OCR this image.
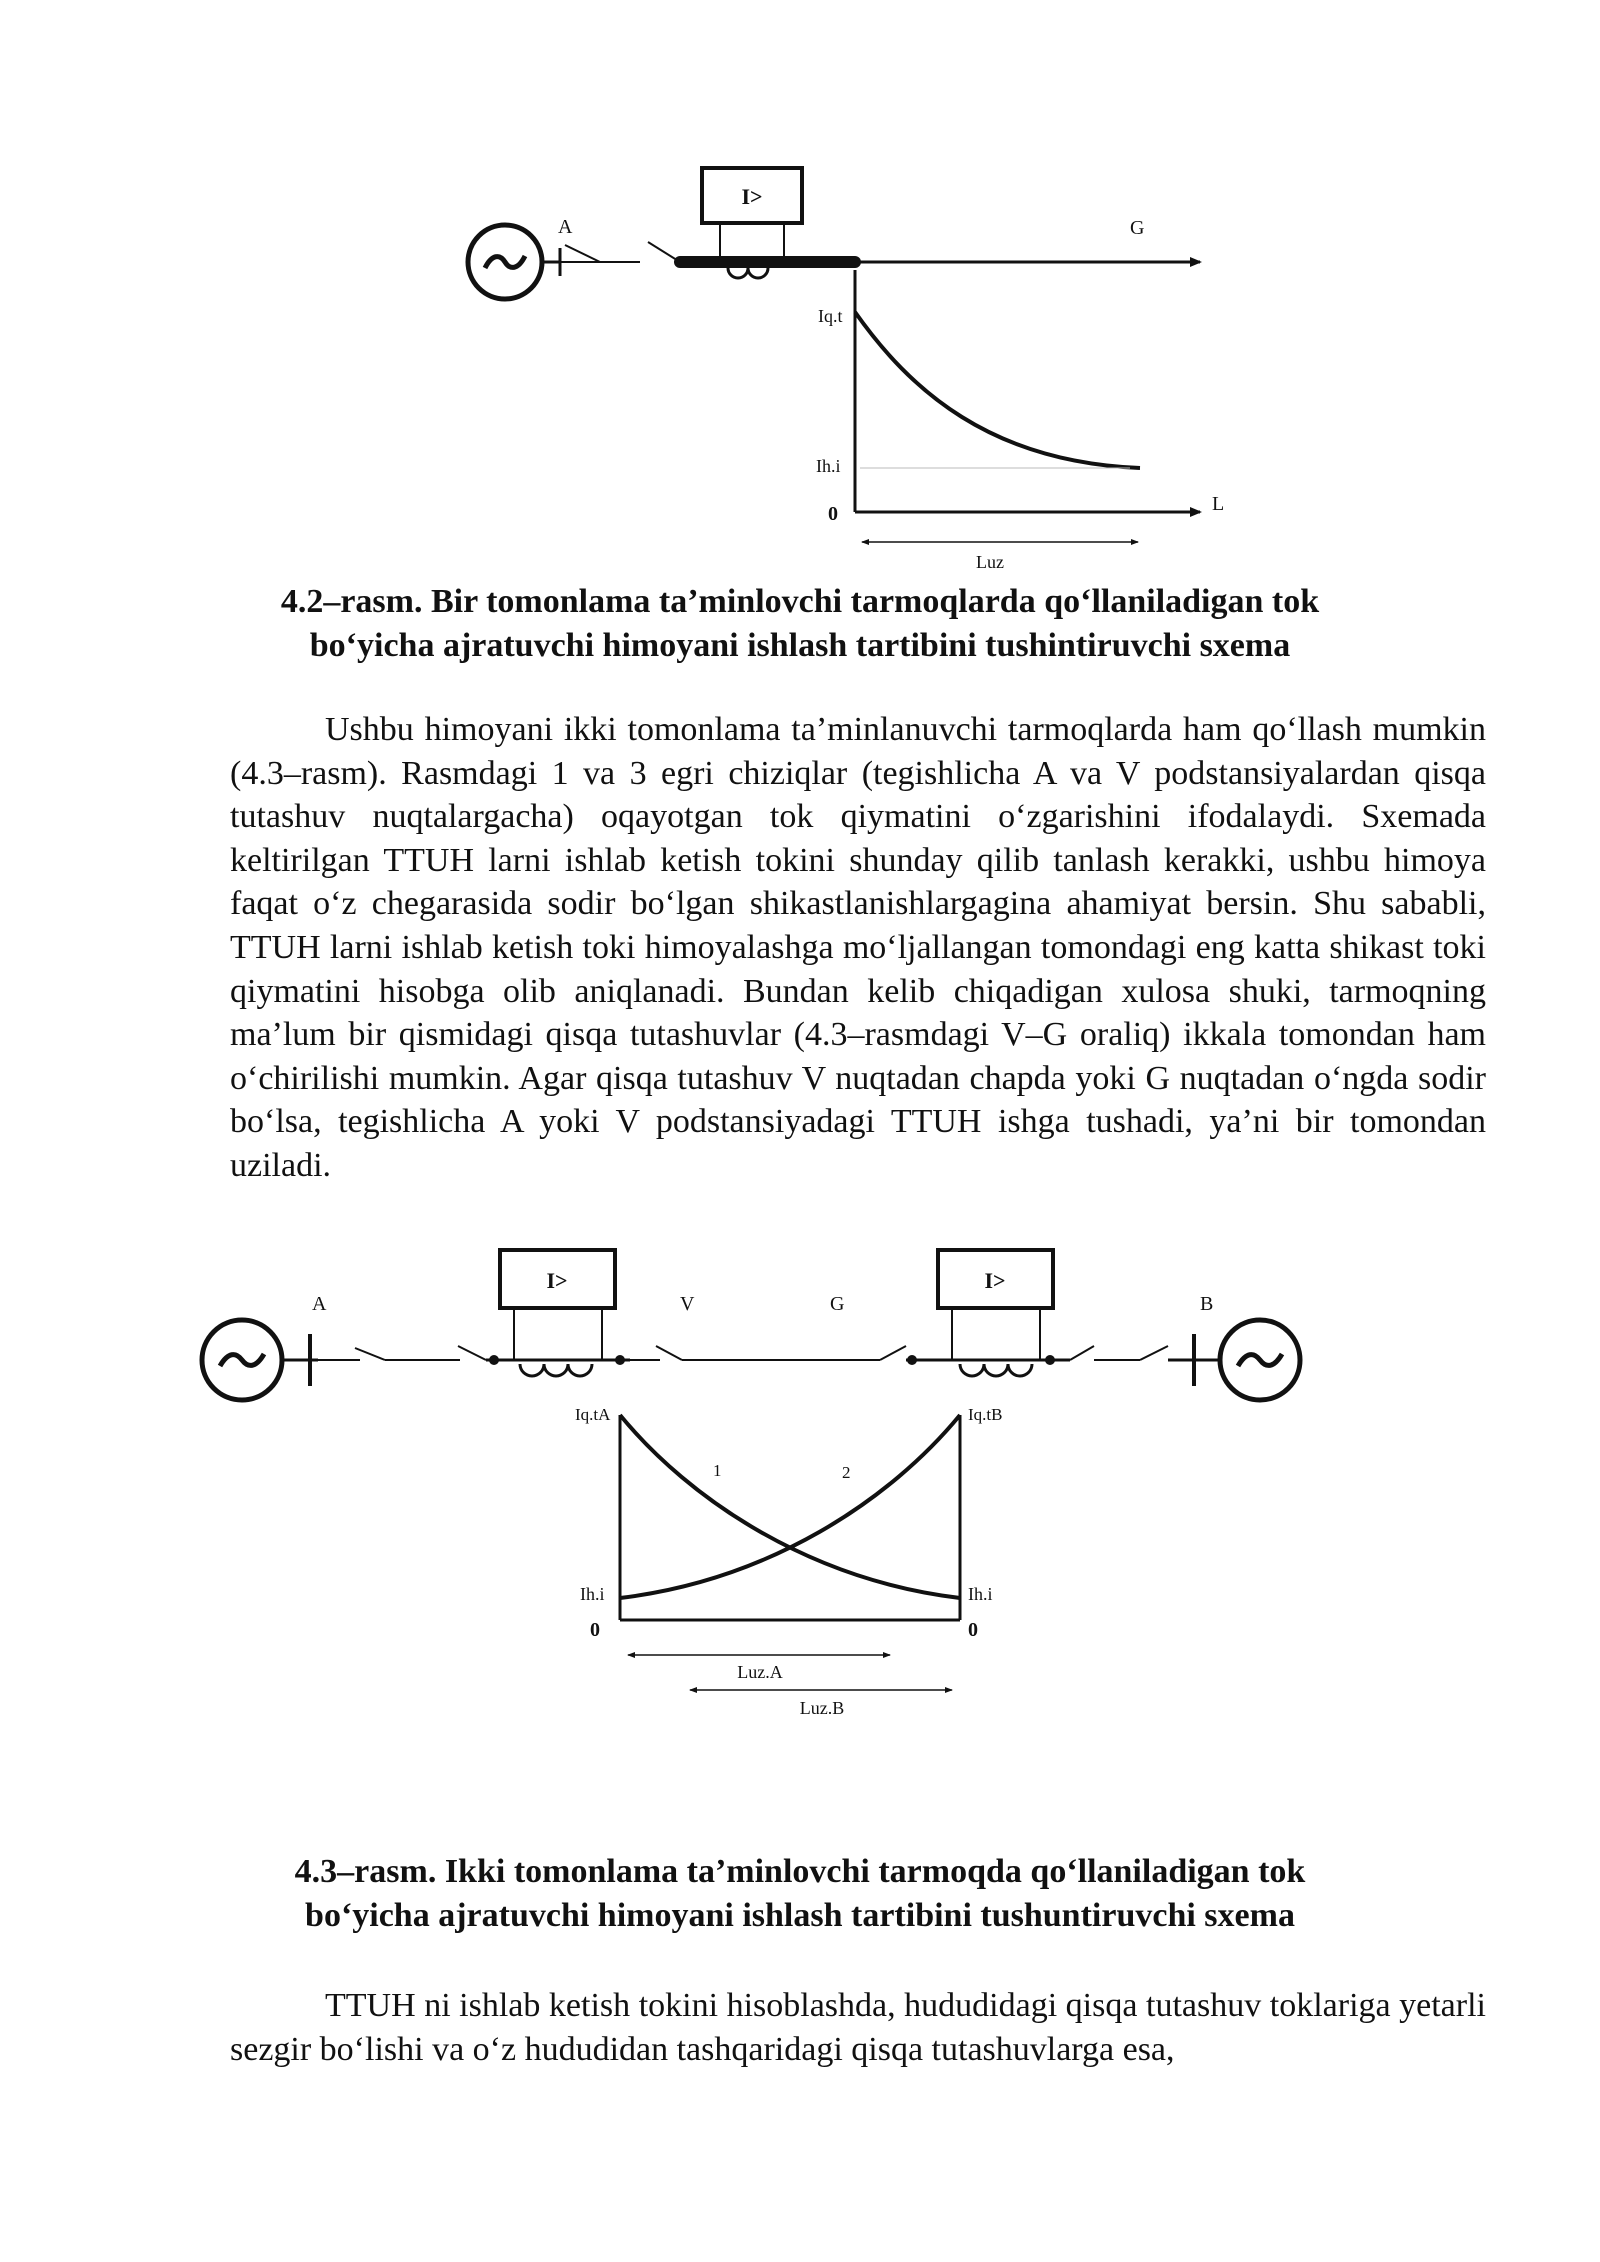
A	G
I>
Iq.t
Ih.i
0	L
Luz

4.2–rasm. Bir tomonlama ta’minlovchi tarmoqlarda qo‘llaniladigan tok
bo‘yicha ajratuvchi himoyani ishlash tartibini tushintiruvchi sxema

Ushbu himoyani ikki tomonlama ta’minlanuvchi tarmoqlarda ham qo‘llash mumkin (4.3–rasm). Rasmdagi 1 va 3 egri chiziqlar (tegishlicha A va V podstansiyalardan qisqa tutashuv nuqtalargacha) oqayotgan tok qiymatini o‘zgarishini ifodalaydi. Sxemada keltirilgan TTUH larni ishlab ketish tokini shunday qilib tanlash kerakki, ushbu himoya faqat o‘z chegarasida sodir bo‘lgan shikastlanishlargagina ahamiyat bersin. Shu sababli, TTUH larni ishlab ketish toki himoyalashga mo‘ljallangan tomondagi eng katta shikast toki qiymatini hisobga olib aniqlanadi. Bundan kelib chiqadigan xulosa shuki, tarmoqning ma’lum bir qismidagi qisqa tutashuvlar (4.3–rasmdagi V–G oraliq) ikkala tomondan ham o‘chirilishi mumkin. Agar qisqa tutashuv V nuqtadan chapda yoki G nuqtadan o‘ngda sodir bo‘lsa, tegishlicha A yoki V podstansiyadagi TTUH ishga tushadi, ya’ni bir tomondan uziladi.

A
I>
V	G
I>
B
Iq.tA	Iq.tB
Ih.i	Ih.i
0	0
1	2
Luz.A
Luz.B

4.3–rasm. Ikki tomonlama ta’minlovchi tarmoqda qo‘llaniladigan tok
bo‘yicha ajratuvchi himoyani ishlash tartibini tushuntiruvchi sxema

TTUH ni ishlab ketish tokini hisoblashda, hududidagi qisqa tutashuv toklariga yetarli sezgir bo‘lishi va o‘z hududidan tashqaridagi qisqa tutashuvlarga esa,
